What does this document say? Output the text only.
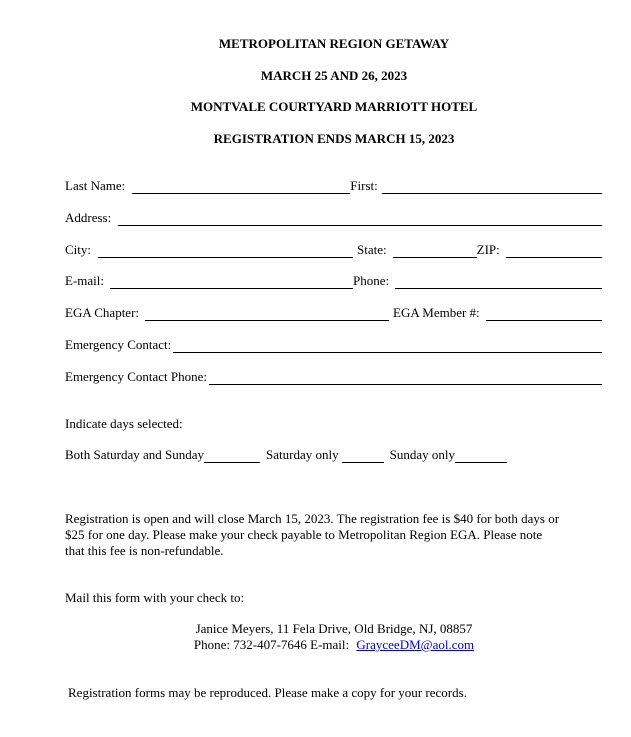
METROPOLITAN REGION GETAWAY
MARCH 25 AND 26, 2023
MONTVALE COURTYARD MARRIOTT HOTEL
REGISTRATION ENDS MARCH 15, 2023
Last Name:	First:
Address:
City:	State:	ZIP:
E-mail:	Phone:
EGA Chapter:	EGA Member #:
Emergency Contact:
Emergency Contact Phone:
Indicate days selected:
Both Saturday and Sunday	Saturday only	Sunday only
Registration is open and will close March 15, 2023. The registration fee is $40 for both days or
$25 for one day. Please make your check payable to Metropolitan Region EGA. Please note
that this fee is non-refundable.
Mail this form with your check to:
Janice Meyers, 11 Fela Drive, Old Bridge, NJ, 08857
Phone: 732-407-7646 E-mail: GrayceeDM@aol.com
Registration forms may be reproduced. Please make a copy for your records.
